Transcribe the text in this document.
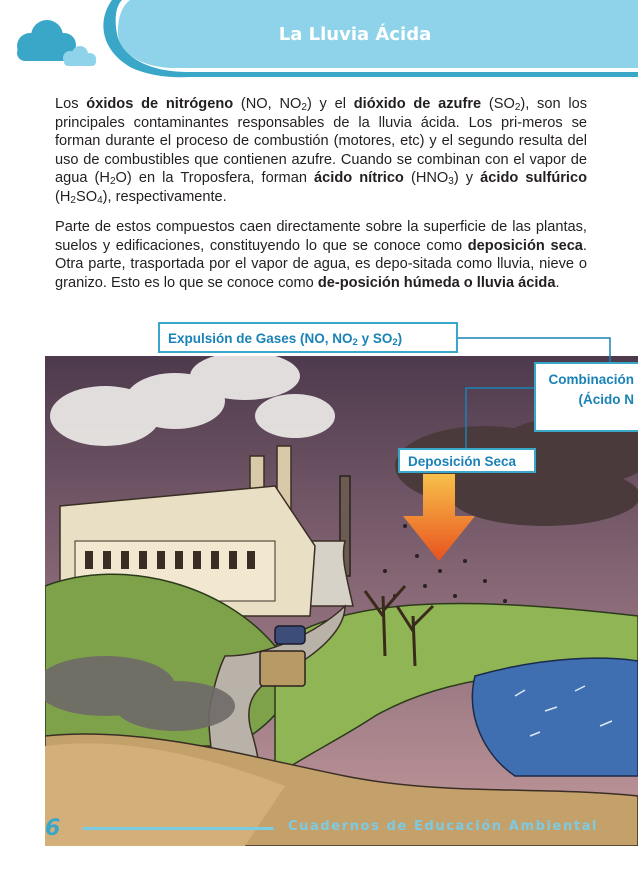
La Lluvia Ácida

Los óxidos de nitrógeno (NO, $NO_2$) y el dióxido de azufre $(SO_2)$, son los principales contaminantes responsables de la lluvia ácida. Los pri-meros se forman durante el proceso de combustión (motores, etc) y el segundo resulta del uso de combustibles que contienen azufre. Cuando se combinan con el vapor de agua $(H_2O)$ en la Troposfera, forman ácido nítrico $(HNO_3)$ y ácido sulfúrico $(H_2SO_4)$, respectivamente.

Parte de estos compuestos caen directamente sobre la superficie de las plantas, suelos y edificaciones, constituyendo lo que se conoce como deposición seca. Otra parte, trasportada por el vapor de agua, es depo-sitada como lluvia, nieve o granizo. Esto es lo que se conoce como de-posición húmeda o lluvia ácida.

Expulsión de Gases (NO, $NO_2$ y $SO_2$)
Deposición Seca
Combinación
(Ácido N
6	Cuadernos de Educación Ambiental
